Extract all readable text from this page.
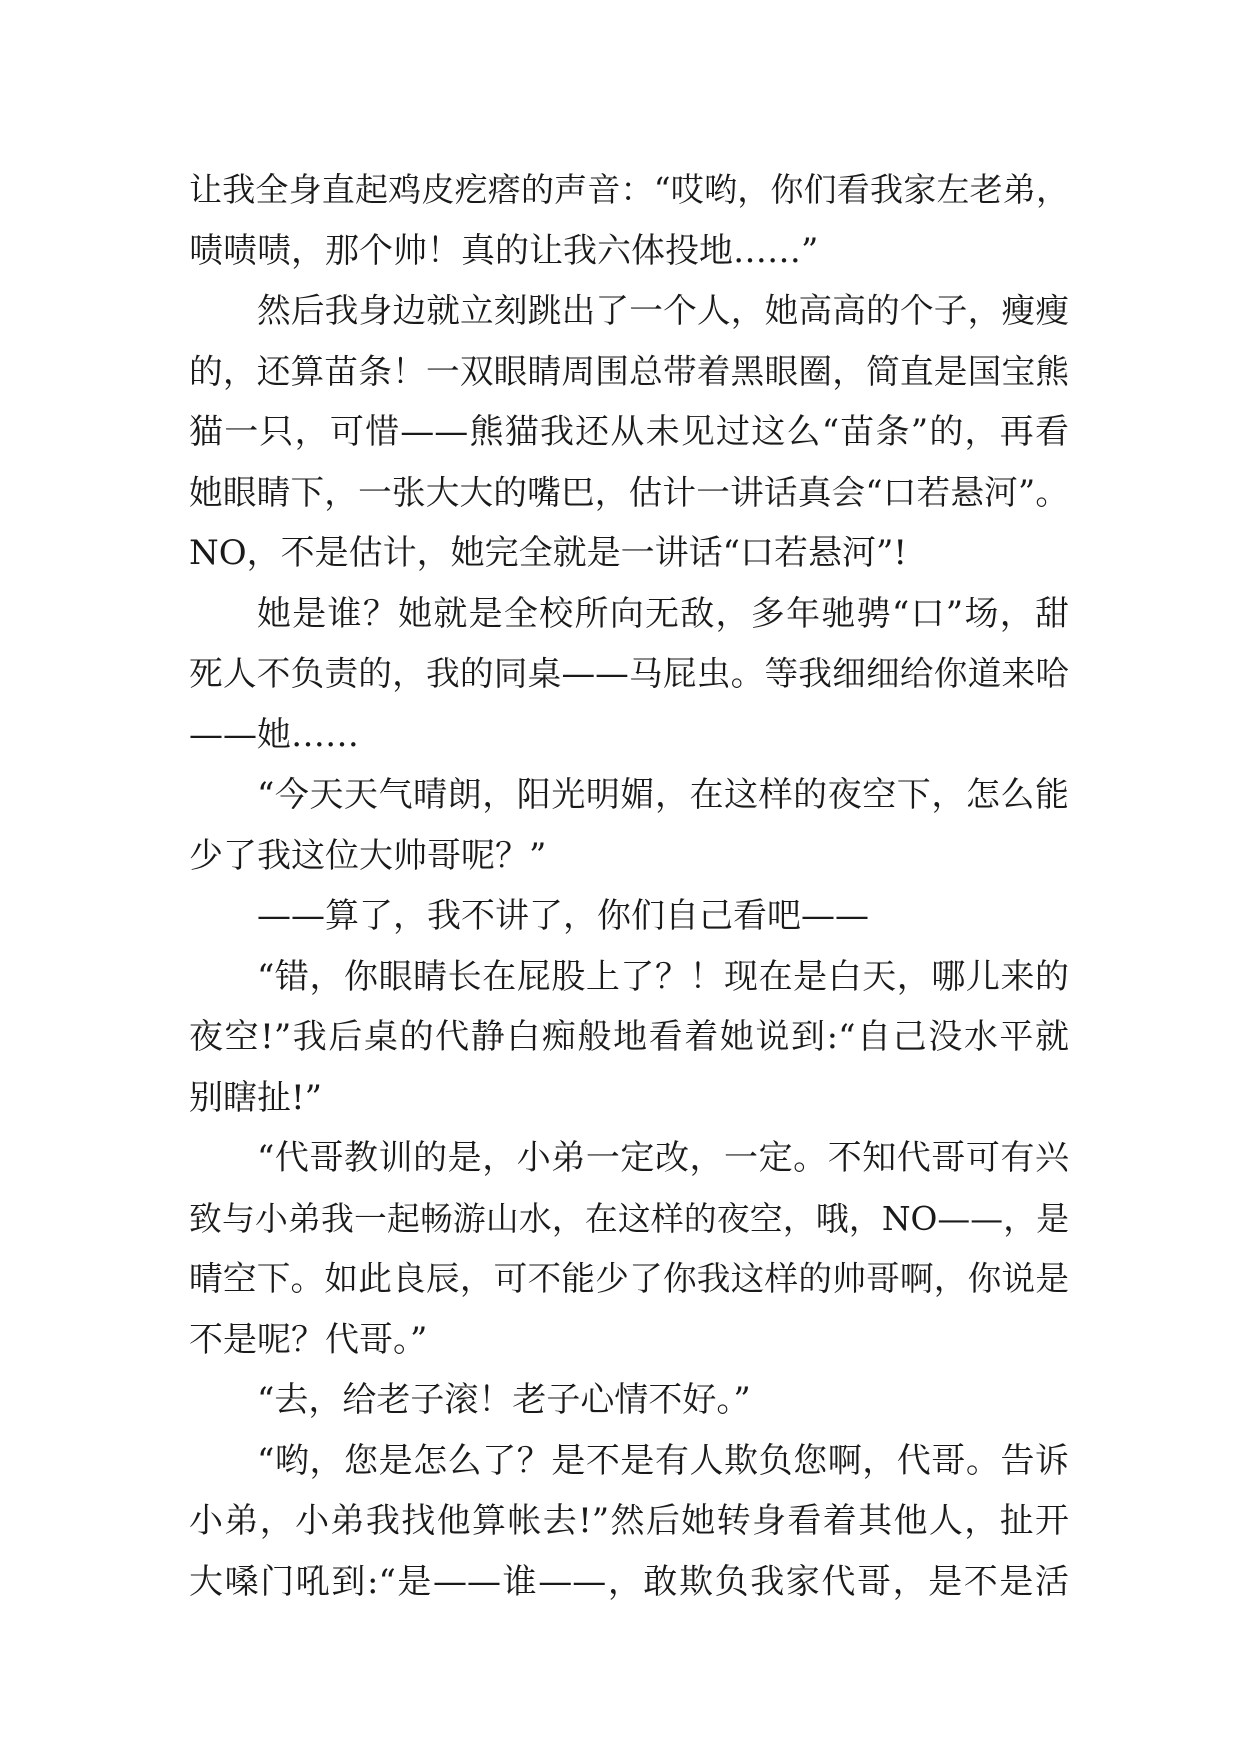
让我全身直起鸡皮疙瘩的声音：“哎哟，你们看我家左老弟，
啧啧啧，那个帅！真的让我六体投地……”
然后我身边就立刻跳出了一个人，她高高的个子，瘦瘦
的，还算苗条！一双眼睛周围总带着黑眼圈，简直是国宝熊
猫一只，可惜——熊猫我还从未见过这么“苗条”的，再看
她眼睛下，一张大大的嘴巴，估计一讲话真会“口若悬河”。
NO，不是估计，她完全就是一讲话“口若悬河”!
她是谁？她就是全校所向无敌，多年驰骋“口”场，甜
死人不负责的，我的同桌——马屁虫。等我细细给你道来哈
——她……
“今天天气晴朗，阳光明媚，在这样的夜空下，怎么能
少了我这位大帅哥呢？”
——算了，我不讲了，你们自己看吧——
“错，你眼睛长在屁股上了？！现在是白天，哪儿来的
夜空!”我后桌的代静白痴般地看着她说到:“自己没水平就
别瞎扯!”
“代哥教训的是，小弟一定改，一定。不知代哥可有兴
致与小弟我一起畅游山水，在这样的夜空，哦，NO——，是
晴空下。如此良辰，可不能少了你我这样的帅哥啊，你说是
不是呢？代哥。”
“去，给老子滚！老子心情不好。”
“哟，您是怎么了？是不是有人欺负您啊，代哥。告诉
小弟，小弟我找他算帐去!”然后她转身看着其他人，扯开
大嗓门吼到:“是——谁——，敢欺负我家代哥，是不是活
